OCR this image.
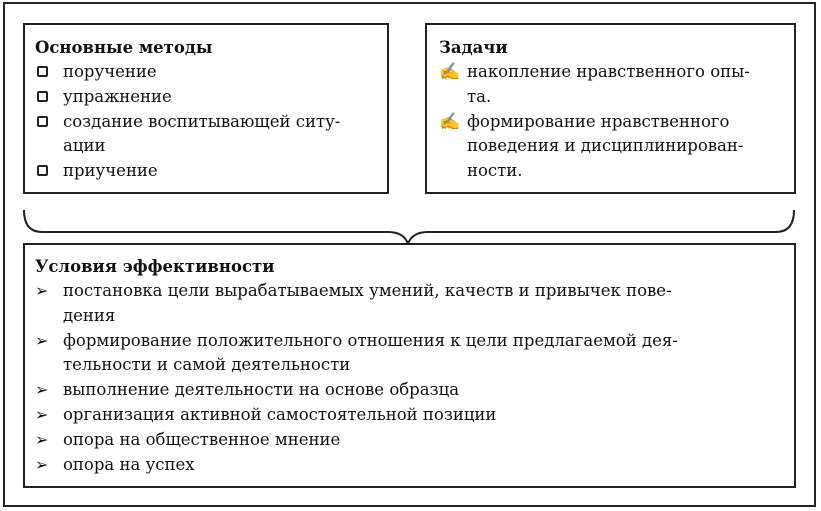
Основные методы
поручение
упражнение
создание воспитывающей ситу-
ации
приучение
Задачи
✍ накопление нравственного опы-
та.
✍ формирование нравственного
поведения и дисциплинирован-
ности.
Условия эффективности
➢ постановка цели вырабатываемых умений, качеств и привычек пове-
дения
➢ формирование положительного отношения к цели предлагаемой дея-
тельности и самой деятельности
➢ выполнение деятельности на основе образца
➢ организация активной самостоятельной позиции
➢ опора на общественное мнение
➢ опора на успех
